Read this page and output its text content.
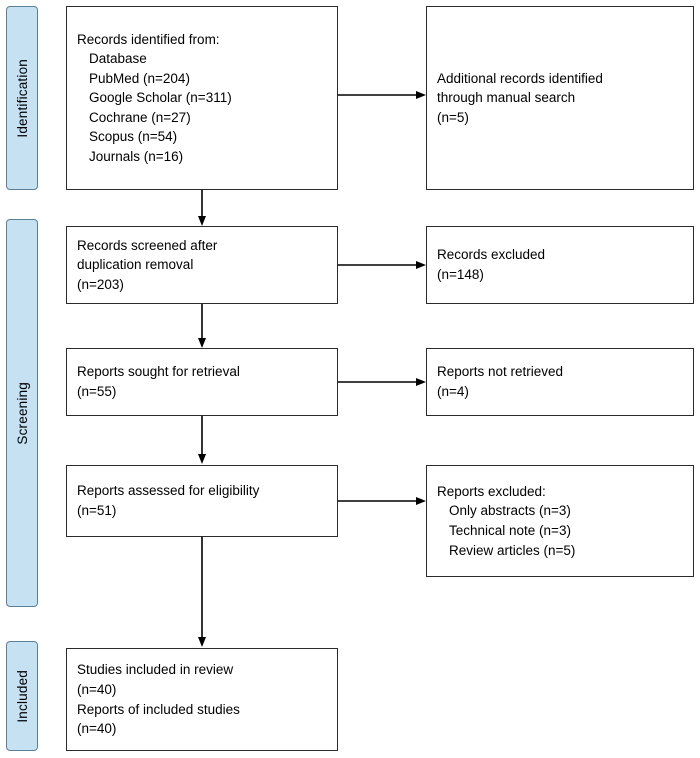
Identification
Screening
Included
Records identified from:
Database
PubMed (n=204)
Google Scholar (n=311)
Cochrane (n=27)
Scopus (n=54)
Journals (n=16)
Additional records identified
through manual search
(n=5)
Records screened after
duplication removal
(n=203)
Records excluded
(n=148)
Reports sought for retrieval
(n=55)
Reports not retrieved
(n=4)
Reports assessed for eligibility
(n=51)
Reports excluded:
Only abstracts (n=3)
Technical note (n=3)
Review articles (n=5)
Studies included in review
(n=40)
Reports of included studies
(n=40)
